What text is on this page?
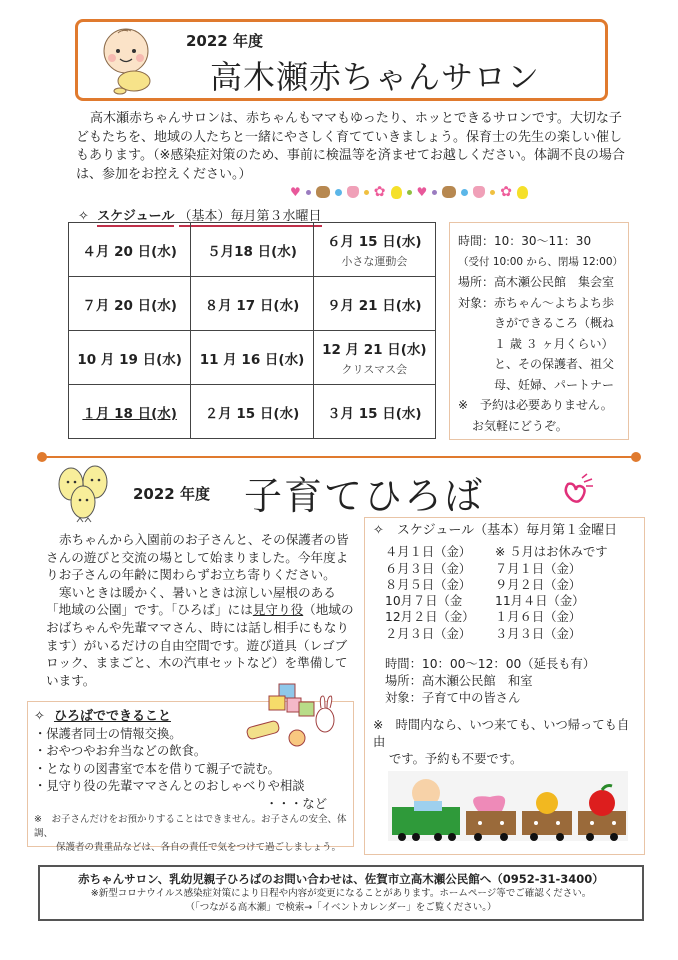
2022 年度
高木瀬赤ちゃんサロン
高木瀬赤ちゃんサロンは、赤ちゃんもママもゆったり、ホッとできるサロンです。大切な子どもたちを、地域の人たちと一緒にやさしく育てていきましょう。保育士の先生の楽しい催しもあります。（※感染症対策のため、事前に検温等を済ませてお越しください。体調不良の場合は、参加をお控えください。）
♥	✿	♥	✿
✧ スケジュール （基本）毎月第３水曜日
４月 20 日(水)	５月18 日(水)	６月 15 日(水)
小さな運動会

７月 20 日(水)	８月 17 日(水)	９月 21 日(水)
10 月 19 日(水)	11 月 16 日(水)	12 月 21 日(水)
クリスマス会

１月 18 日(水)	２月 15 日(水)	３月 15 日(水)
時間：10：30～11：30
（受付 10:00 から、閉場 12:00）
場所：高木瀬公民館　集会室
対象：赤ちゃん～よちよち歩
きができるころ（概ね
１ 歳 ３ ヶ月くらい）
と、その保護者、祖父
母、妊婦、パートナー
※　予約は必要ありません。
お気軽にどうぞ。
2022 年度 子育てひろば

赤ちゃんから入園前のお子さんと、その保護者の皆さんの遊びと交流の場として始まりました。今年度よりお子さんの年齢に関わらずお立ち寄りください。

寒いときは暖かく、暑いときは涼しい屋根のある「地域の公園」です。「ひろば」には見守り役（地域のおばちゃんや先輩ママさん、時には話し相手にもなります）がいるだけの自由空間です。遊び道具（レゴブロック、ままごと、木の汽車セットなど）を準備しています。

✧ ひろばでできること
・保護者同士の情報交換。
・おやつやお弁当などの飲食。
・となりの図書室で本を借りて親子で読む。
・見守り役の先輩ママさんとのおしゃべりや相談
・・・など
※　お子さんだけをお預かりすることはできません。お子さんの安全、体調、
保護者の貴重品などは、各自の責任で気をつけて過ごしましょう。
✧　スケジュール（基本）毎月第１金曜日
４月１日（金）	※ ５月はお休みです
６月３日（金）	７月１日（金）
８月５日（金）	９月２日（金）
10月７日（金	11月４日（金）
12月２日（金）	１月６日（金）
２月３日（金）	３月３日（金）
時間：10：00～12：00（延長も有）
場所：高木瀬公民館　和室
対象：子育て中の皆さん
※　時間内なら、いつ来ても、いつ帰っても自由
です。予約も不要です。
赤ちゃんサロン、乳幼児親子ひろばのお問い合わせは、佐賀市立高木瀬公民館へ（0952-31-3400）
※新型コロナウイルス感染症対策により日程や内容が変更になることがあります。ホームページ等でご確認ください。
（「つながる高木瀬」で検索→「イベントカレンダー」をご覧ください。）
